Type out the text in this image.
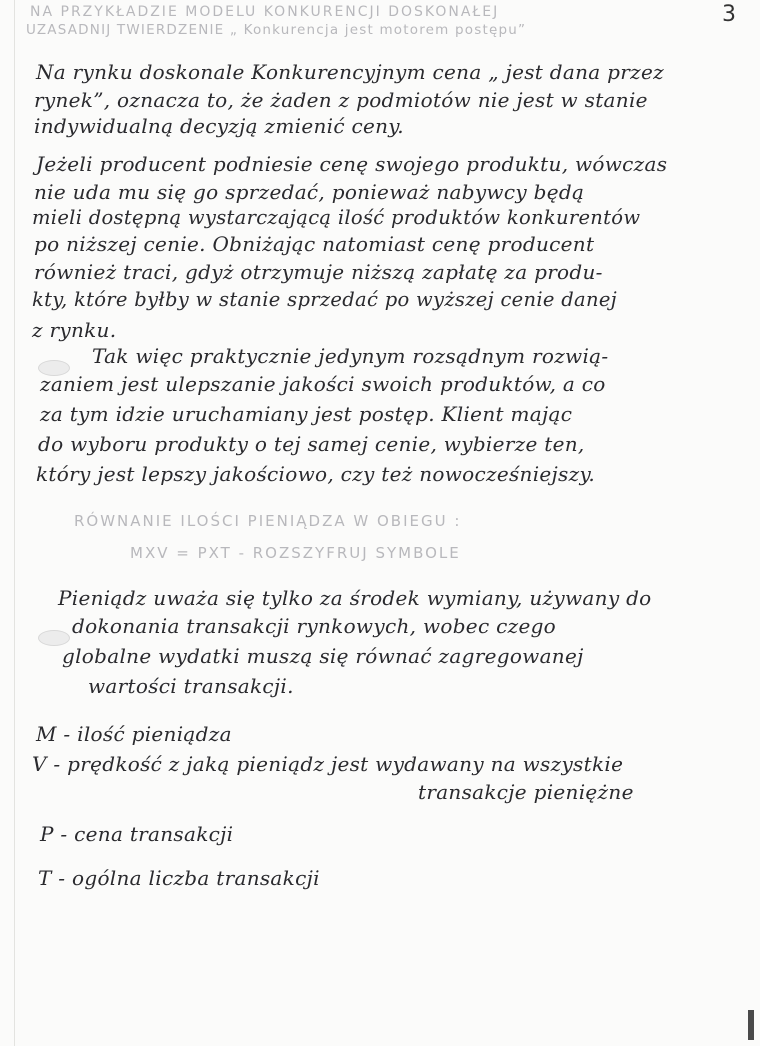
3
NA PRZYKŁADZIE MODELU KONKURENCJI DOSKONAŁEJ
UZASADNIJ TWIERDZENIE „ Konkurencja jest motorem postępu”
Na rynku doskonale Konkurencyjnym cena „ jest dana przez
rynek”, oznacza to, że żaden z podmiotów nie jest w stanie
indywidualną decyzją zmienić ceny.
Jeżeli producent podniesie cenę swojego produktu, wówczas
nie uda mu się go sprzedać, ponieważ nabywcy będą
mieli dostępną wystarczającą ilość produktów konkurentów
po niższej cenie. Obniżając natomiast cenę producent
również traci, gdyż otrzymuje niższą zapłatę za produ-
kty, które byłby w stanie sprzedać po wyższej cenie danej
z rynku.
Tak więc praktycznie jedynym rozsądnym rozwią-
zaniem jest ulepszanie jakości swoich produktów, a co
za tym idzie uruchamiany jest postęp. Klient mając
do wyboru produkty o tej samej cenie, wybierze ten,
który jest lepszy jakościowo, czy też nowocześniejszy.
RÓWNANIE ILOŚCI PIENIĄDZA W OBIEGU :
MXV = PXT - ROZSZYFRUJ SYMBOLE
Pieniądz uważa się tylko za środek wymiany, używany do
dokonania transakcji rynkowych, wobec czego
globalne wydatki muszą się równać zagregowanej
wartości transakcji.
M - ilość pieniądza
V - prędkość z jaką pieniądz jest wydawany na wszystkie
transakcje pieniężne
P - cena transakcji
T - ogólna liczba transakcji
